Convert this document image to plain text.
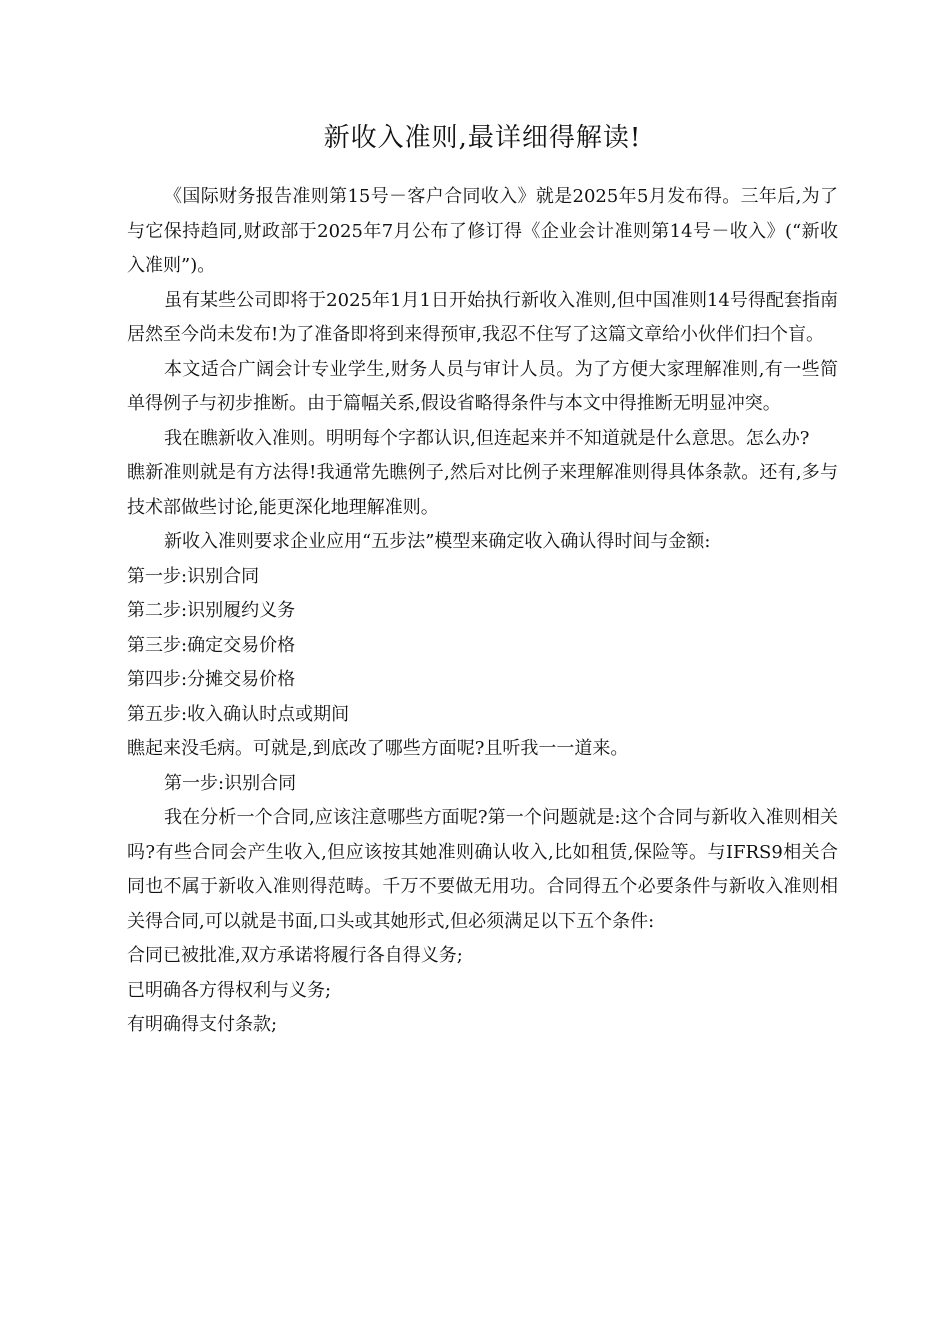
新收入准则,最详细得解读!

《国际财务报告准则第15号－客户合同收入》就是2025年5月发布得。三年后,为了与它保持趋同,财政部于2025年7月公布了修订得《企业会计准则第14号－收入》(“新收入准则”)。

虽有某些公司即将于2025年1月1日开始执行新收入准则,但中国准则14号得配套指南居然至今尚未发布!为了准备即将到来得预审,我忍不住写了这篇文章给小伙伴们扫个盲。

本文适合广阔会计专业学生,财务人员与审计人员。为了方便大家理解准则,有一些简单得例子与初步推断。由于篇幅关系,假设省略得条件与本文中得推断无明显冲突。

我在瞧新收入准则。明明每个字都认识,但连起来并不知道就是什么意思。怎么办?

瞧新准则就是有方法得!我通常先瞧例子,然后对比例子来理解准则得具体条款。还有,多与技术部做些讨论,能更深化地理解准则。

新收入准则要求企业应用“五步法”模型来确定收入确认得时间与金额:

第一步:识别合同

第二步:识别履约义务

第三步:确定交易价格

第四步:分摊交易价格

第五步:收入确认时点或期间

瞧起来没毛病。可就是,到底改了哪些方面呢?且听我一一道来。

第一步:识别合同

我在分析一个合同,应该注意哪些方面呢?第一个问题就是:这个合同与新收入准则相关吗?有些合同会产生收入,但应该按其她准则确认收入,比如租赁,保险等。与IFRS9相关合同也不属于新收入准则得范畴。千万不要做无用功。合同得五个必要条件与新收入准则相关得合同,可以就是书面,口头或其她形式,但必须满足以下五个条件:

合同已被批准,双方承诺将履行各自得义务;

已明确各方得权利与义务;

有明确得支付条款;
